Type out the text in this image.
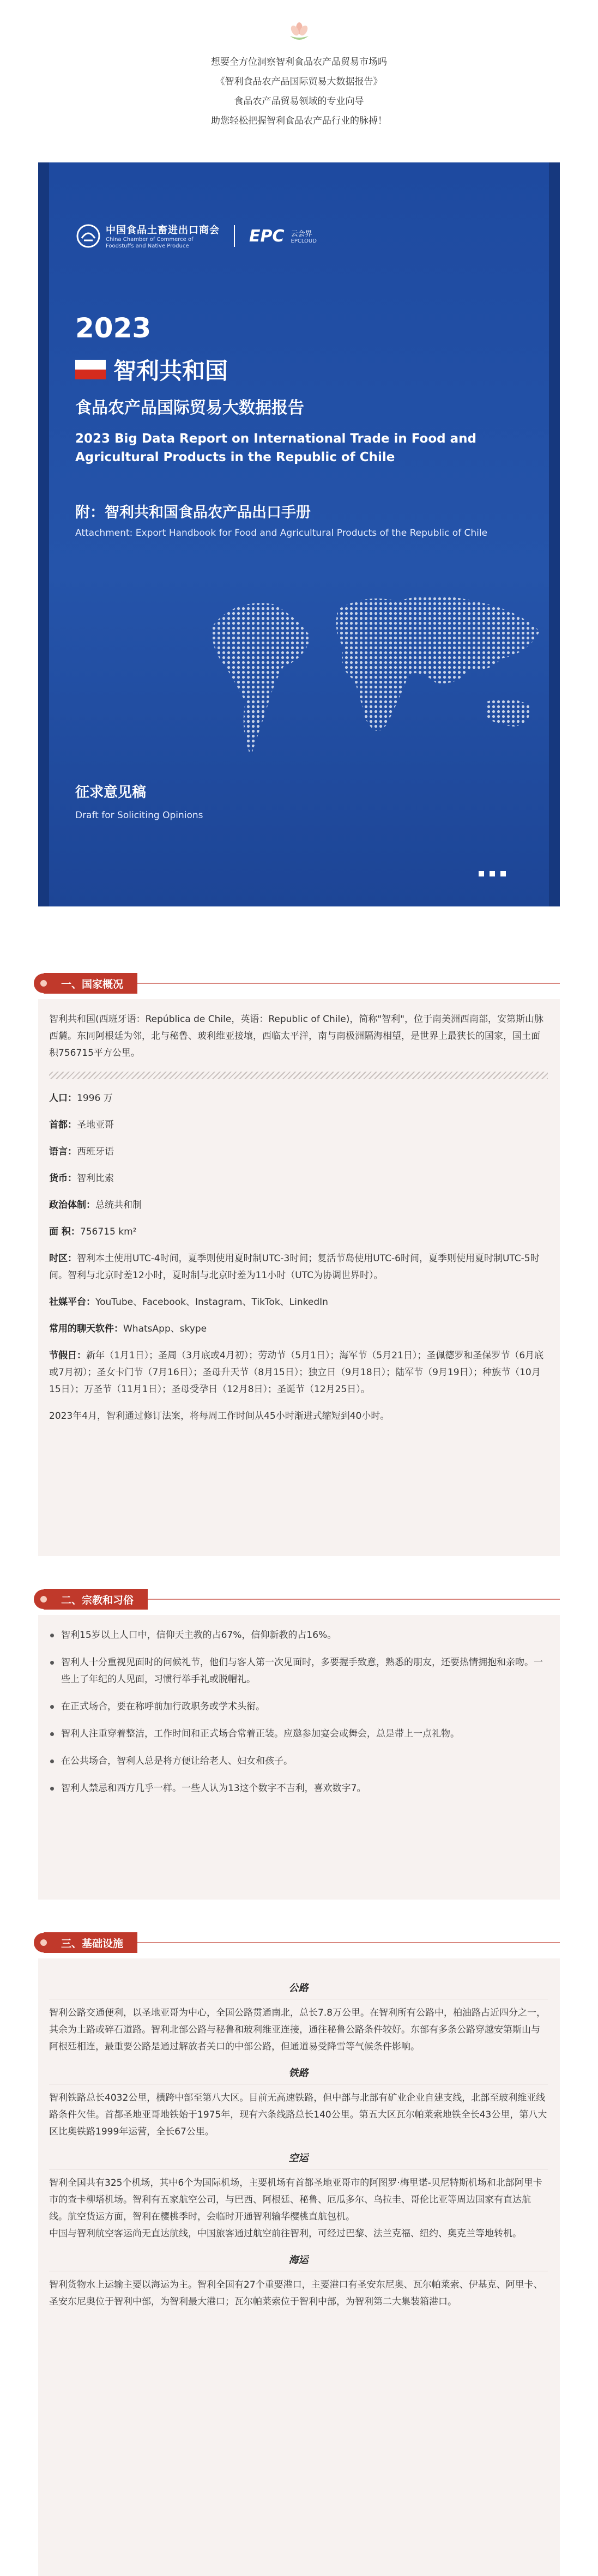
想要全方位洞察智利食品农产品贸易市场吗

《智利食品农产品国际贸易大数据报告》

食品农产品贸易领域的专业向导

助您轻松把握智利食品农产品行业的脉搏！

中国食品土畜进出口商会
China Chamber of Commerce of
Foodstuffs and Native Produce
EPC 云会界
EPCLOUD
2023
智利共和国
食品农产品国际贸易大数据报告
2023 Big Data Report on International Trade in Food and Agricultural Products in the Republic of Chile
附：智利共和国食品农产品出口手册
Attachment: Export Handbook for Food and Agricultural Products of the Republic of Chile
征求意见稿
Draft for Soliciting Opinions
一、国家概况

智利共和国(西班牙语：República de Chile，英语：Republic of Chile)，简称"智利"，位于南美洲西南部，安第斯山脉西麓。东同阿根廷为邻，北与秘鲁、玻利维亚接壤，西临太平洋，南与南极洲隔海相望，是世界上最狭长的国家，国土面积756715平方公里。

人口：1996 万

首都：圣地亚哥

语言：西班牙语

货币：智利比索

政治体制：总统共和制

面 积：756715 km²

时区：智利本土使用UTC-4时间，夏季则使用夏时制UTC-3时间；复活节岛使用UTC-6时间，夏季则使用夏时制UTC-5时间。智利与北京时差12小时，夏时制与北京时差为11小时（UTC为协调世界时）。

社媒平台：YouTube、Facebook、Instagram、TikTok、LinkedIn

常用的聊天软件：WhatsApp、skype

节假日：新年（1月1日）；圣周（3月底或4月初）；劳动节（5月1日）；海军节（5月21日）；圣佩德罗和圣保罗节（6月底或7月初）；圣女卡门节（7月16日）；圣母升天节（8月15日）；独立日（9月18日）；陆军节（9月19日）；种族节（10月15日）；万圣节（11月1日）；圣母受孕日（12月8日）；圣诞节（12月25日）。

2023年4月，智利通过修订法案，将每周工作时间从45小时渐进式缩短到40小时。

二、宗教和习俗
智利15岁以上人口中，信仰天主教的占67%，信仰新教的占16%。
智利人十分重视见面时的问候礼节，他们与客人第一次见面时，多要握手致意，熟悉的朋友，还要热情拥抱和亲吻。一些上了年纪的人见面，习惯行举手礼或脱帽礼。
在正式场合，要在称呼前加行政职务或学术头衔。
智利人注重穿着整洁，工作时间和正式场合常着正装。应邀参加宴会或舞会，总是带上一点礼物。
在公共场合，智利人总是将方便让给老人、妇女和孩子。
智利人禁忌和西方几乎一样。一些人认为13这个数字不吉利，喜欢数字7。
三、基础设施
公路

智利公路交通便利，以圣地亚哥为中心，全国公路贯通南北，总长7.8万公里。在智利所有公路中，柏油路占近四分之一，其余为土路或碎石道路。智利北部公路与秘鲁和玻利维亚连接，通往秘鲁公路条件较好。东部有多条公路穿越安第斯山与阿根廷相连，最重要公路是通过解放者关口的中部公路，但通道易受降雪等气候条件影响。

铁路

智利铁路总长4032公里，横跨中部至第八大区。目前无高速铁路，但中部与北部有矿业企业自建支线，北部至玻利维亚线路条件欠佳。首都圣地亚哥地铁始于1975年，现有六条线路总长140公里。第五大区瓦尔帕莱索地铁全长43公里，第八大区比奥铁路1999年运营，全长67公里。

空运

智利全国共有325个机场，其中6个为国际机场，主要机场有首都圣地亚哥市的阿图罗·梅里诺-贝尼特斯机场和北部阿里卡市的查卡柳塔机场。智利有五家航空公司，与巴西、阿根廷、秘鲁、厄瓜多尔、乌拉圭、哥伦比亚等周边国家有直达航线。航空货运方面，智利在樱桃季时，会临时开通智利输华樱桃直航包机。
中国与智利航空客运尚无直达航线，中国旅客通过航空前往智利，可经过巴黎、法兰克福、纽约、奥克兰等地转机。

海运

智利货物水上运输主要以海运为主。智利全国有27个重要港口，主要港口有圣安东尼奥、瓦尔帕莱索、伊基克、阿里卡、圣安东尼奥位于智利中部，为智利最大港口；瓦尔帕莱索位于智利中部，为智利第二大集装箱港口。
